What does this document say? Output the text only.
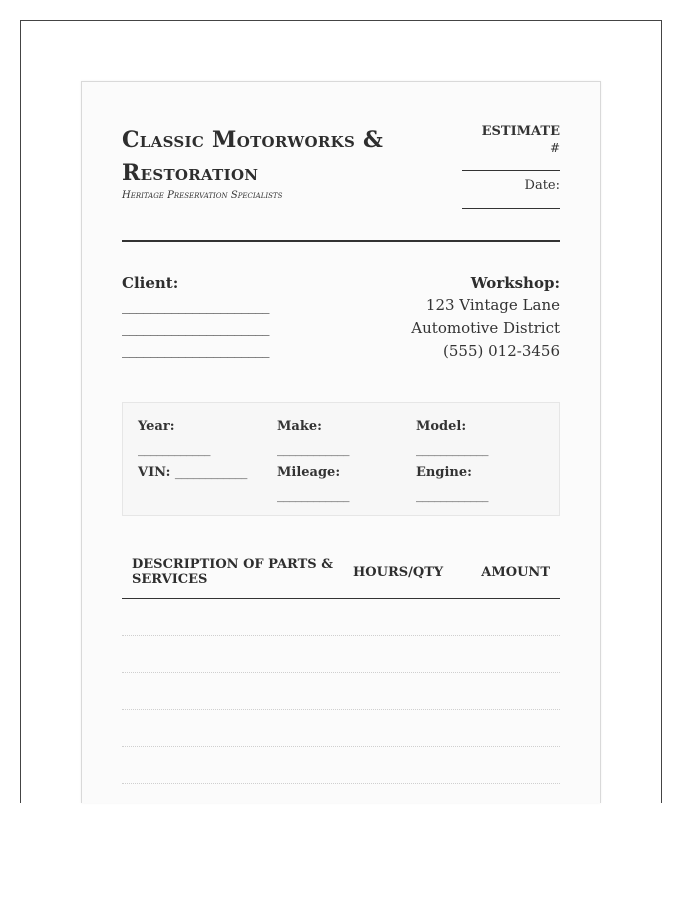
Classic Motorworks &
Restoration
Heritage Preservation Specialists
ESTIMATE
#
Date:
Client:
_____________________
_____________________
_____________________
Workshop:
123 Vintage Lane
Automotive District
(555) 012-3456
Year:
____________
Make:
____________
Model:
____________
VIN: ____________ Mileage:
____________
Engine:
____________
DESCRIPTION OF PARTS & SERVICES	HOURS/QTY	AMOUNT
